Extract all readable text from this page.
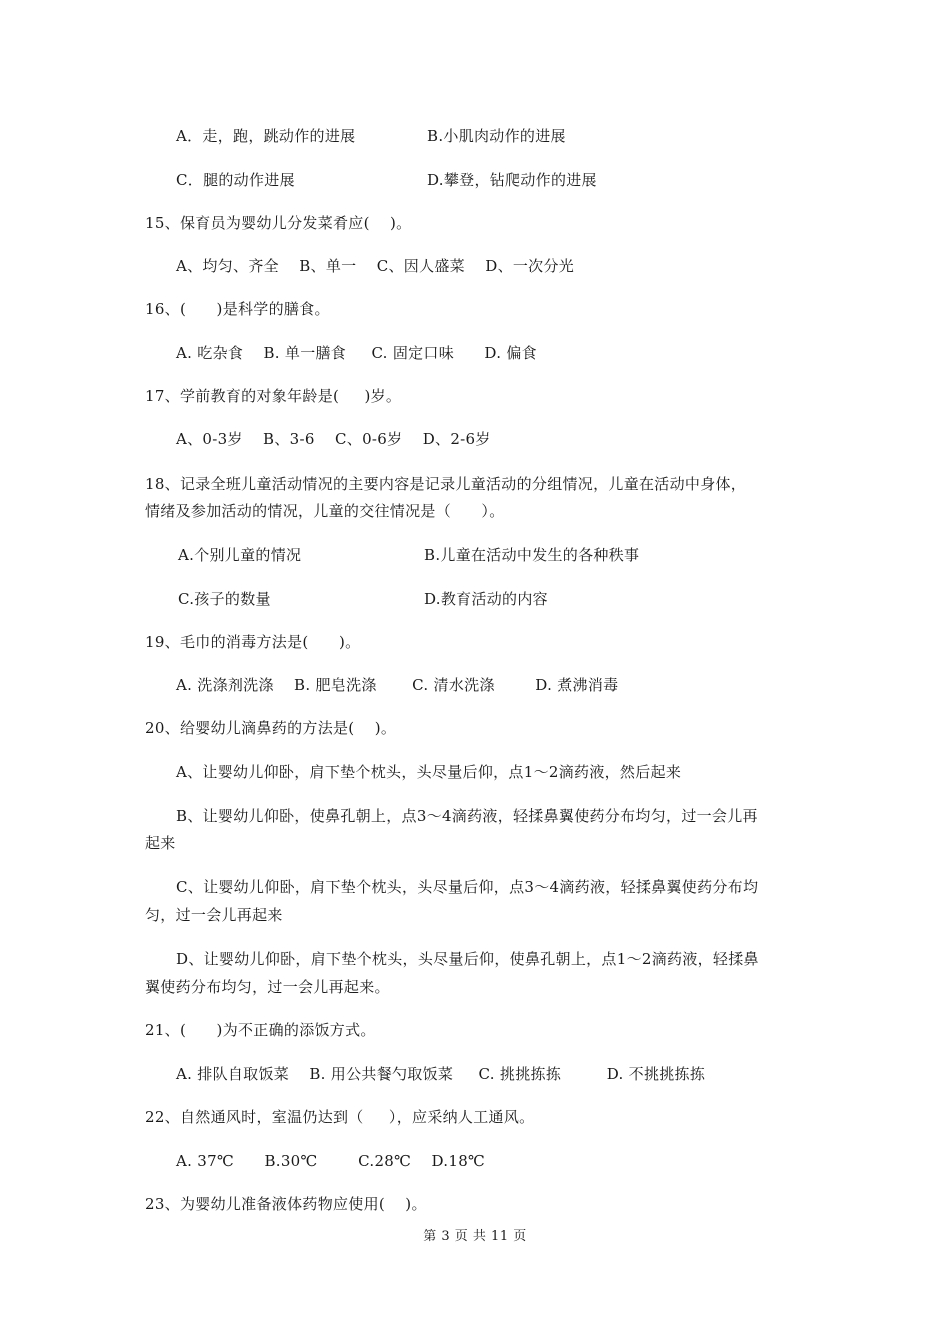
A．走，跑，跳动作的进展	B.小肌肉动作的进展
C．腿的动作进展	D.攀登，钻爬动作的进展
15、保育员为婴幼儿分发菜肴应(    )。
A、均匀、齐全    B、单一    C、因人盛菜    D、一次分光
16、(      )是科学的膳食。
A. 吃杂食    B. 单一膳食     C. 固定口味      D. 偏食
17、学前教育的对象年龄是(     )岁。
A、0-3岁    B、3-6    C、0-6岁    D、2-6岁
18、记录全班儿童活动情况的主要内容是记录儿童活动的分组情况，儿童在活动中身体，
情绪及参加活动的情况，儿童的交往情况是（      ）。
A.个别儿童的情况	B.儿童在活动中发生的各种秩事
C.孩子的数量	D.教育活动的内容
19、毛巾的消毒方法是(      )。
A. 洗涤剂洗涤    B. 肥皂洗涤       C. 清水洗涤        D. 煮沸消毒
20、给婴幼儿滴鼻药的方法是(    )。
A、让婴幼儿仰卧，肩下垫个枕头，头尽量后仰，点1～2滴药液，然后起来
B、让婴幼儿仰卧，使鼻孔朝上，点3～4滴药液，轻揉鼻翼使药分布均匀，过一会儿再
起来
C、让婴幼儿仰卧，肩下垫个枕头，头尽量后仰，点3～4滴药液，轻揉鼻翼使药分布均
匀，过一会儿再起来
D、让婴幼儿仰卧，肩下垫个枕头，头尽量后仰，使鼻孔朝上，点1～2滴药液，轻揉鼻
翼使药分布均匀，过一会儿再起来。
21、(      )为不正确的添饭方式。
A. 排队自取饭菜    B. 用公共餐勺取饭菜     C. 挑挑拣拣         D. 不挑挑拣拣
22、自然通风时，室温仍达到（     ），应采纳人工通风。
A. 37℃      B.30℃        C.28℃    D.18℃
23、为婴幼儿准备液体药物应使用(    )。
第 3 页 共 11 页
